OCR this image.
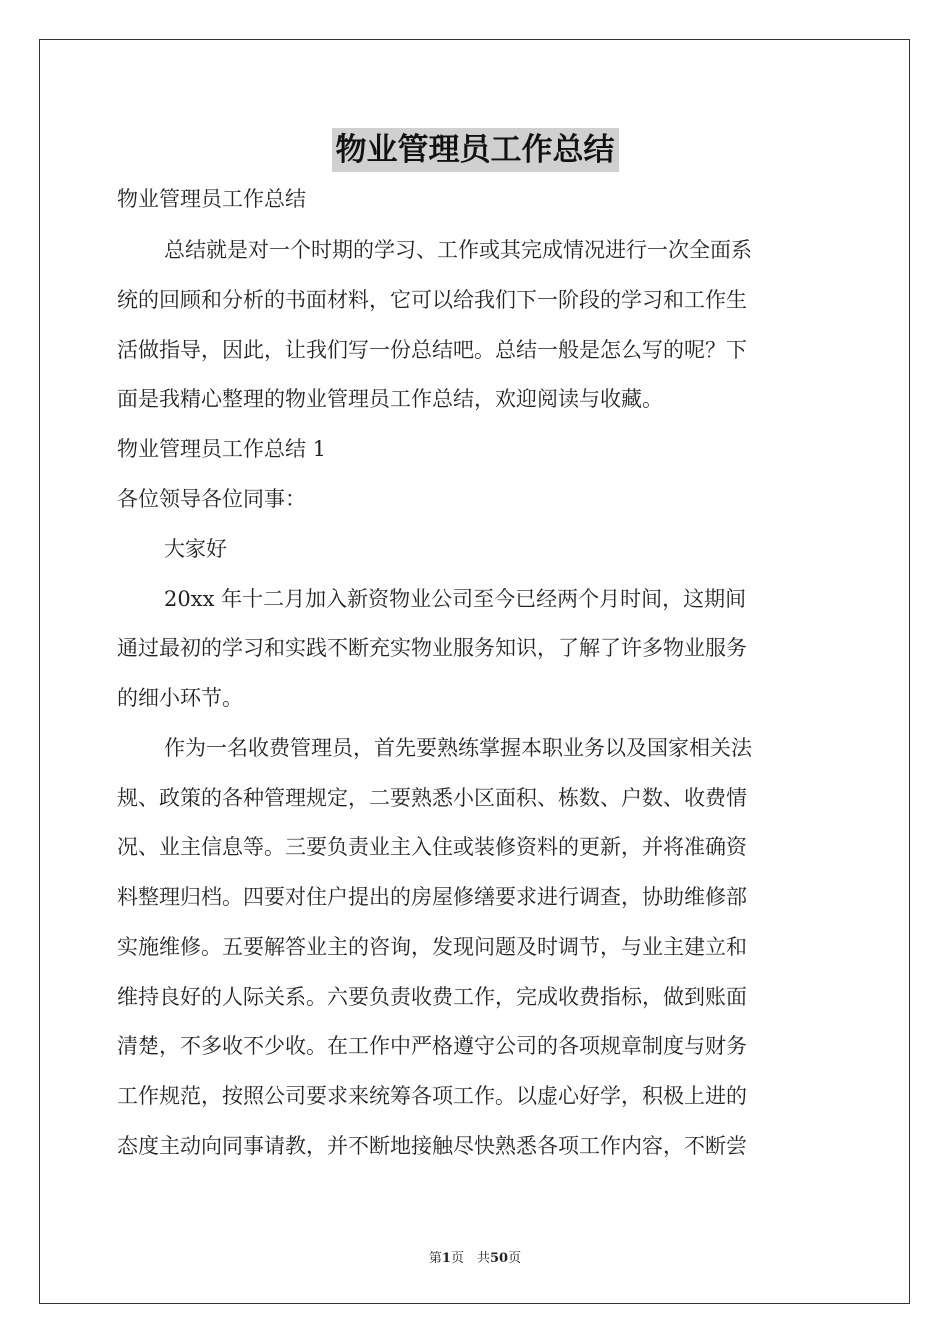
物业管理员工作总结
物业管理员工作总结
总结就是对一个时期的学习、工作或其完成情况进行一次全面系
统的回顾和分析的书面材料，它可以给我们下一阶段的学习和工作生
活做指导，因此，让我们写一份总结吧。总结一般是怎么写的呢？下
面是我精心整理的物业管理员工作总结，欢迎阅读与收藏。
物业管理员工作总结 1
各位领导各位同事：
大家好
20xx 年十二月加入新资物业公司至今已经两个月时间，这期间
通过最初的学习和实践不断充实物业服务知识，了解了许多物业服务
的细小环节。
作为一名收费管理员，首先要熟练掌握本职业务以及国家相关法
规、政策的各种管理规定，二要熟悉小区面积、栋数、户数、收费情
况、业主信息等。三要负责业主入住或装修资料的更新，并将准确资
料整理归档。四要对住户提出的房屋修缮要求进行调查，协助维修部
实施维修。五要解答业主的咨询，发现问题及时调节，与业主建立和
维持良好的人际关系。六要负责收费工作，完成收费指标，做到账面
清楚，不多收不少收。在工作中严格遵守公司的各项规章制度与财务
工作规范，按照公司要求来统筹各项工作。以虚心好学，积极上进的
态度主动向同事请教，并不断地接触尽快熟悉各项工作内容，不断尝
第1页　共50页
